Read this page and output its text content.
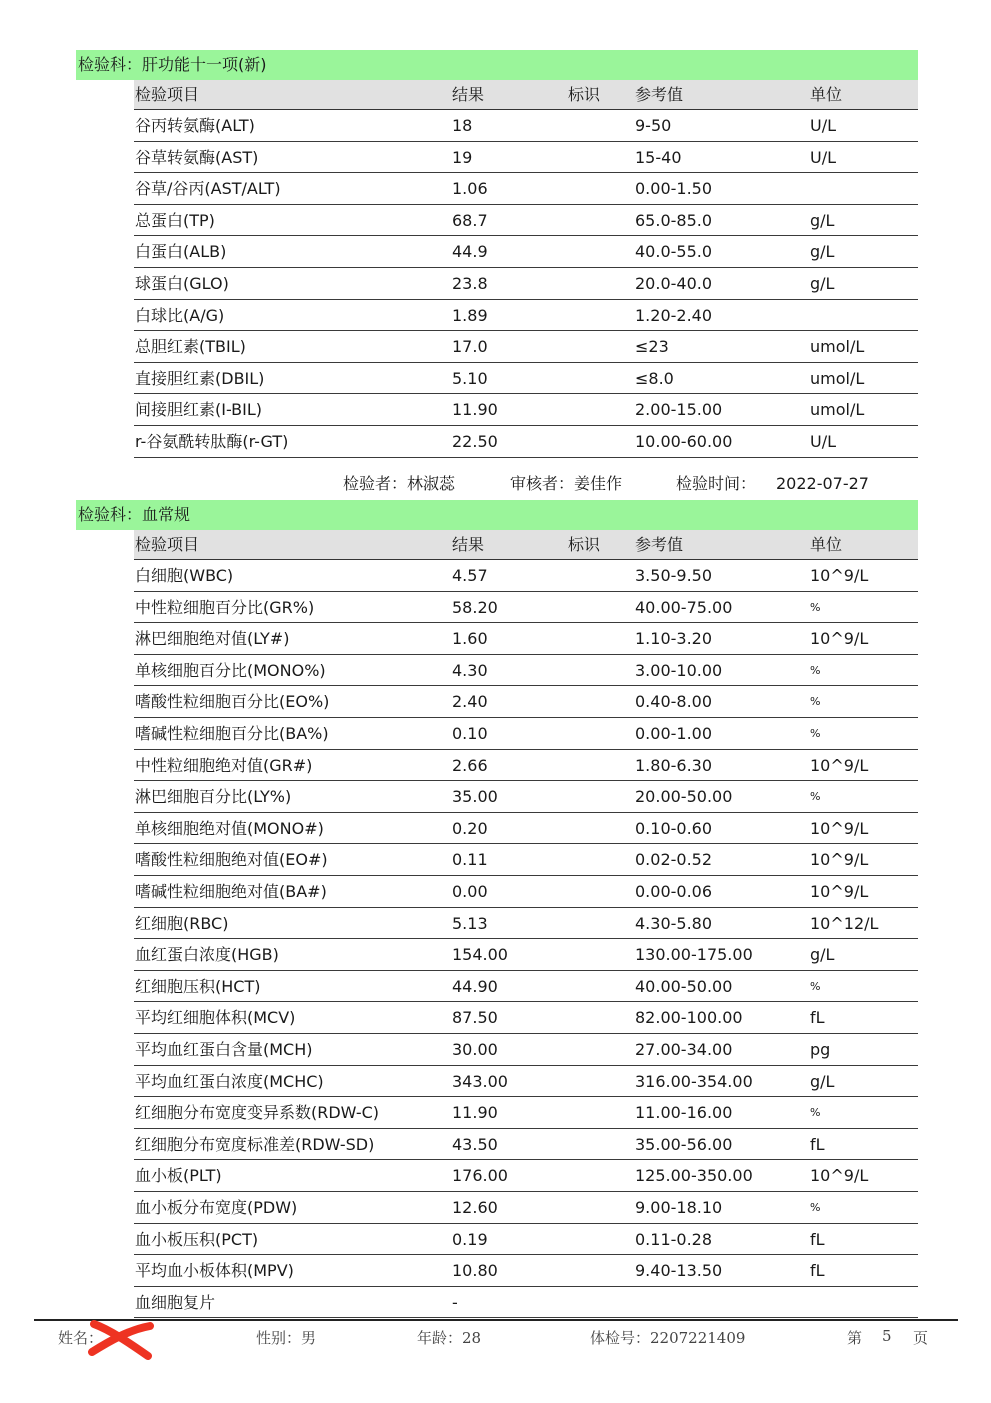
检验科：肝功能十一项(新)
检验项目	结果	标识 参考值	单位
谷丙转氨酶(ALT)	18	9-50	U/L
谷草转氨酶(AST)	19	15-40	U/L
谷草/谷丙(AST/ALT)	1.06	0.00-1.50
总蛋白(TP)	68.7	65.0-85.0	g/L
白蛋白(ALB)	44.9	40.0-55.0	g/L
球蛋白(GLO)	23.8	20.0-40.0	g/L
白球比(A/G)	1.89	1.20-2.40
总胆红素(TBIL)	17.0	≤23	umol/L
直接胆红素(DBIL)	5.10	≤8.0	umol/L
间接胆红素(I-BIL)	11.90	2.00-15.00	umol/L
r-谷氨酰转肽酶(r-GT)	22.50	10.00-60.00	U/L
检验者：林淑蕊	审核者：姜佳作	检验时间： 2022-07-27
检验科：血常规
检验项目	结果	标识 参考值	单位
白细胞(WBC)	4.57	3.50-9.50	10^9/L
中性粒细胞百分比(GR%)	58.20	40.00-75.00	%
淋巴细胞绝对值(LY#)	1.60	1.10-3.20	10^9/L
单核细胞百分比(MONO%)	4.30	3.00-10.00	%
嗜酸性粒细胞百分比(EO%)	2.40	0.40-8.00	%
嗜碱性粒细胞百分比(BA%)	0.10	0.00-1.00	%
中性粒细胞绝对值(GR#)	2.66	1.80-6.30	10^9/L
淋巴细胞百分比(LY%)	35.00	20.00-50.00	%
单核细胞绝对值(MONO#)	0.20	0.10-0.60	10^9/L
嗜酸性粒细胞绝对值(EO#)	0.11	0.02-0.52	10^9/L
嗜碱性粒细胞绝对值(BA#)	0.00	0.00-0.06	10^9/L
红细胞(RBC)	5.13	4.30-5.80	10^12/L
血红蛋白浓度(HGB)	154.00	130.00-175.00	g/L
红细胞压积(HCT)	44.90	40.00-50.00	%
平均红细胞体积(MCV)	87.50	82.00-100.00	fL
平均血红蛋白含量(MCH)	30.00	27.00-34.00	pg
平均血红蛋白浓度(MCHC)	343.00	316.00-354.00	g/L
红细胞分布宽度变异系数(RDW-C)	11.90	11.00-16.00	%
红细胞分布宽度标准差(RDW-SD)	43.50	35.00-56.00	fL
血小板(PLT)	176.00	125.00-350.00	10^9/L
血小板分布宽度(PDW)	12.60	9.00-18.10	%
血小板压积(PCT)	0.19	0.11-0.28	fL
平均血小板体积(MPV)	10.80	9.40-13.50	fL
血细胞复片	-
姓名：	性别：男	年龄：28	体检号：2207221409	第 5 页
